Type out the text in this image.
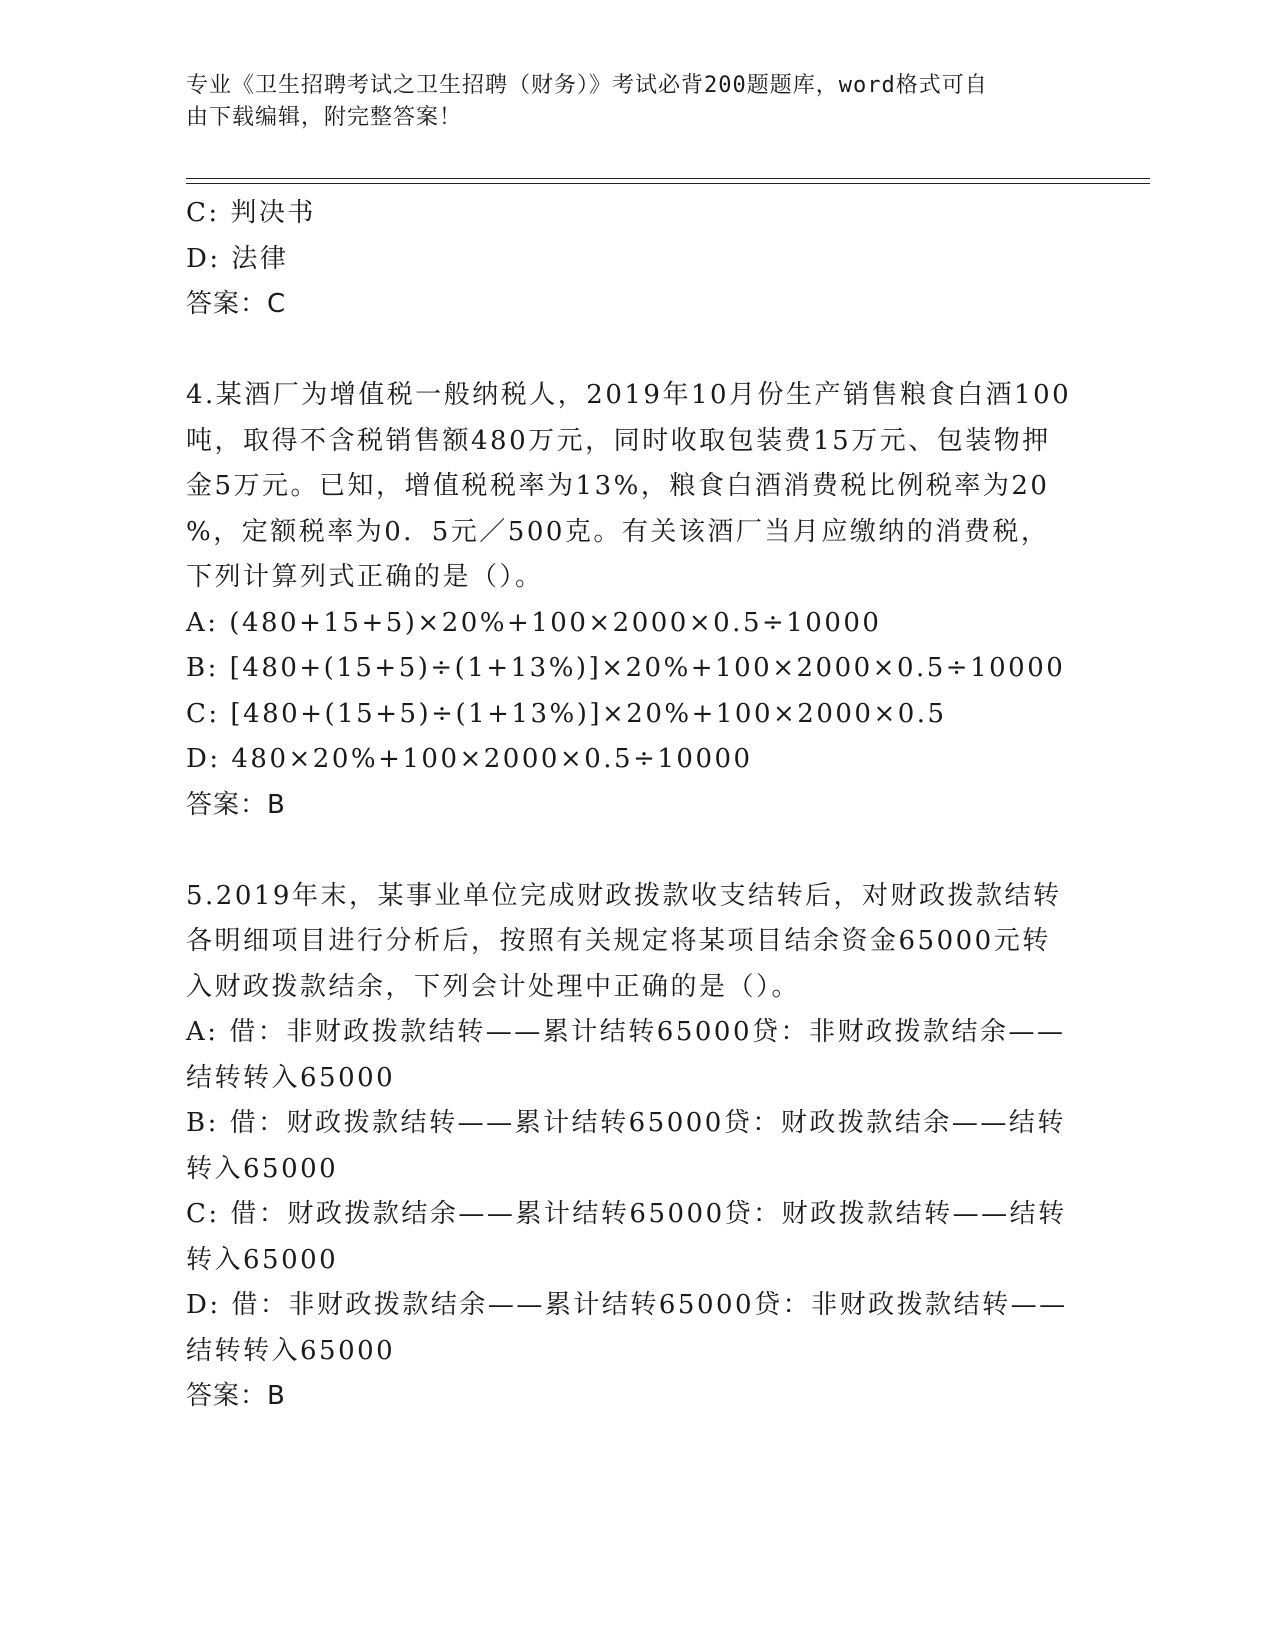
专业《卫生招聘考试之卫生招聘（财务）》考试必背200题题库，word格式可自
由下载编辑，附完整答案！
C: 判决书
D: 法律
答案：C
4.某酒厂为增值税一般纳税人，2019年10月份生产销售粮食白酒100
吨，取得不含税销售额480万元，同时收取包装费15万元、包装物押
金5万元。已知，增值税税率为13%，粮食白酒消费税比例税率为20
%，定额税率为0．5元／500克。有关该酒厂当月应缴纳的消费税，
下列计算列式正确的是（）。
A: (480+15+5)×20%+100×2000×0.5÷10000
B: [480+(15+5)÷(1+13%)]×20%+100×2000×0.5÷10000
C: [480+(15+5)÷(1+13%)]×20%+100×2000×0.5
D: 480×20%+100×2000×0.5÷10000
答案：B
5.2019年末，某事业单位完成财政拨款收支结转后，对财政拨款结转
各明细项目进行分析后，按照有关规定将某项目结余资金65000元转
入财政拨款结余，下列会计处理中正确的是（）。
A: 借：非财政拨款结转——累计结转65000贷：非财政拨款结余——
结转转入65000
B: 借：财政拨款结转——累计结转65000贷：财政拨款结余——结转
转入65000
C: 借：财政拨款结余——累计结转65000贷：财政拨款结转——结转
转入65000
D: 借：非财政拨款结余——累计结转65000贷：非财政拨款结转——
结转转入65000
答案：B
